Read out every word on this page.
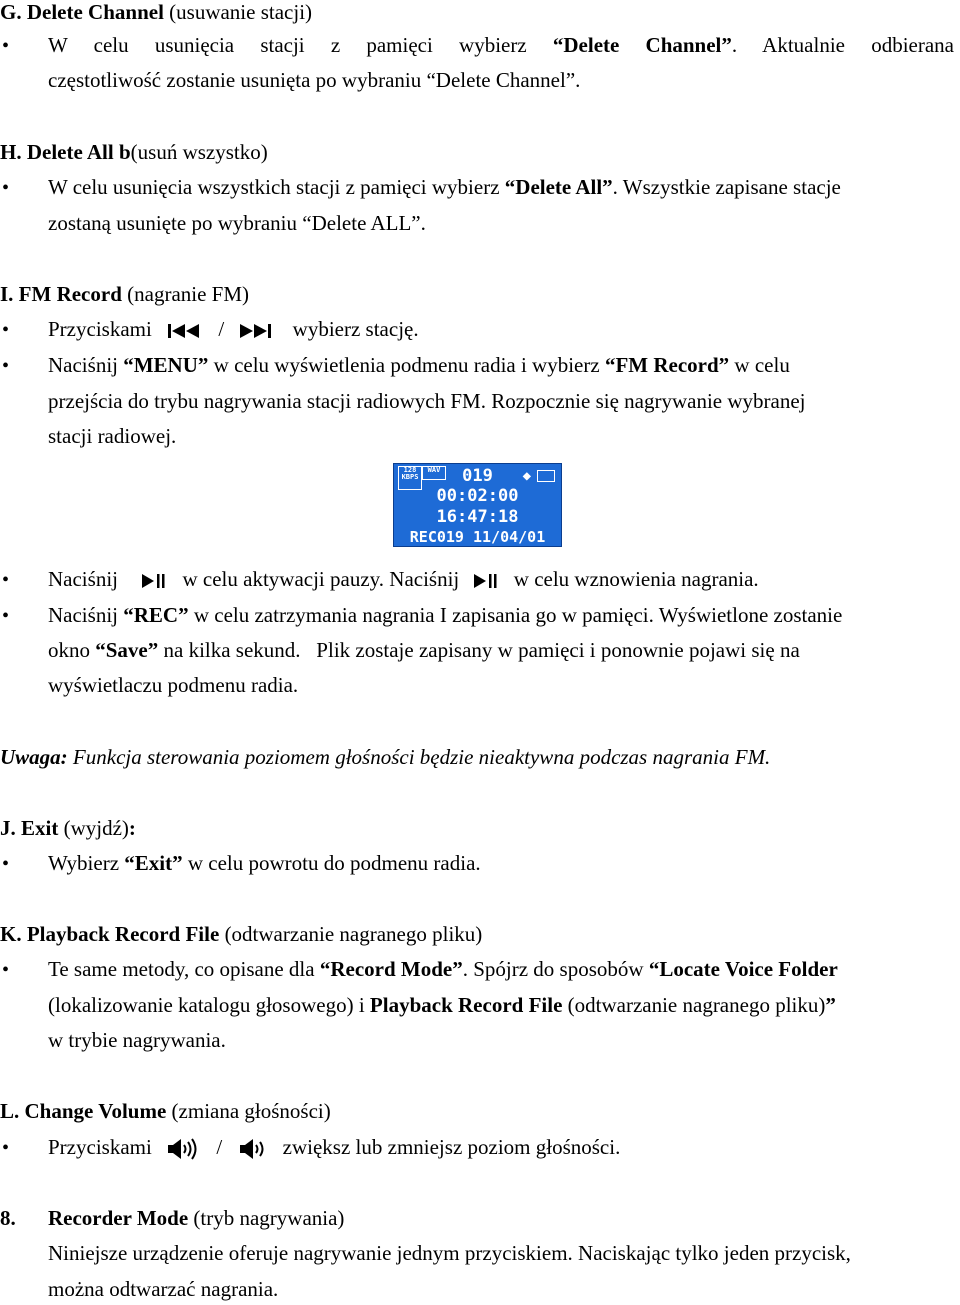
G. Delete Channel (usuwanie stacji)
• W celu usunięcia stacji z pamięci wybierz “Delete Channel”. Aktualnie odbierana
częstotliwość zostanie usunięta po wybraniu “Delete Channel”.
H. Delete All b(usuń wszystko)
• W celu usunięcia wszystkich stacji z pamięci wybierz “Delete All”. Wszystkie zapisane stacje
zostaną usunięte po wybraniu “Delete ALL”.
I. FM Record (nagranie FM)
• Przyciskami	/	wybierz stację.
• Naciśnij “MENU” w celu wyświetlenia podmenu radia i wybierz “FM Record” w celu
przejścia do trybu nagrywania stacji radiowych FM. Rozpocznie się nagrywanie wybranej
stacji radiowej.
128
KBPS
WAV	019	◆
00:02:00
16:47:18
REC019 11/04/01
• Naciśnij	w celu aktywacji pauzy. Naciśnij	w celu wznowienia nagrania.
• Naciśnij “REC” w celu zatrzymania nagrania I zapisania go w pamięci. Wyświetlone zostanie
okno “Save” na kilka sekund.   Plik zostaje zapisany w pamięci i ponownie pojawi się na
wyświetlaczu podmenu radia.
Uwaga: Funkcja sterowania poziomem głośności będzie nieaktywna podczas nagrania FM.
J. Exit (wyjdź):
• Wybierz “Exit” w celu powrotu do podmenu radia.
K. Playback Record File (odtwarzanie nagranego pliku)
• Te same metody, co opisane dla “Record Mode”. Spójrz do sposobów “Locate Voice Folder
(lokalizowanie katalogu głosowego) i Playback Record File (odtwarzanie nagranego pliku)”
w trybie nagrywania.
L. Change Volume (zmiana głośności)
• Przyciskami	/	zwiększ lub zmniejsz poziom głośności.
8. Recorder Mode (tryb nagrywania)
Niniejsze urządzenie oferuje nagrywanie jednym przyciskiem. Naciskając tylko jeden przycisk,
można odtwarzać nagrania.
